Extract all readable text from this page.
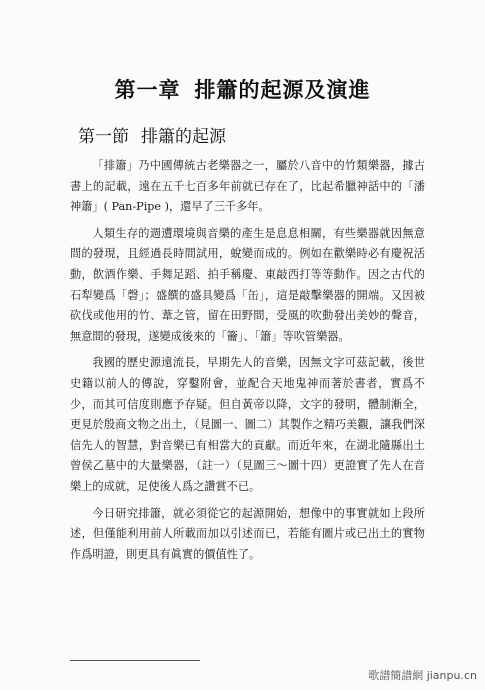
第一章 排簫的起源及演進
第一節 排簫的起源

「排簫」乃中國傳統古老樂器之一，屬於八音中的竹類樂器，據古書上的記載，遠在五千七百多年前就已存在了，比起希臘神話中的「潘神簫」( Pan-Pipe )，還早了三千多年。

人類生存的週遭環境與音樂的產生是息息相關，有些樂器就因無意間的發現，且經過長時間試用，蛻變而成的。例如在歡樂時必有慶祝活動，飲酒作樂、手舞足蹈、拍手稱慶、東敲西打等等動作。因之古代的石犁變爲「磬」；盛饌的盛具變爲「缶」，這是敲擊樂器的開端。又因被砍伐或他用的竹、葦之管，留在田野間，受風的吹動發出美妙的聲音，無意間的發現，遂變成後來的「籥」、「簫」等吹管樂器。

我國的歷史源遠流長，早期先人的音樂，因無文字可茲記載，後世史籍以前人的傳說，穿鑿附會，並配合天地鬼神而著於書者，實爲不少，而其可信度則應予存疑。但自黃帝以降，文字的發明，體制漸全，更見於殷商文物之出土，（見圖一、圖二）其製作之精巧美觀，讓我們深信先人的智慧，對音樂已有相當大的貢獻。而近年來，在湖北隨縣出土曾侯乙墓中的大量樂器，（註一）（見圖三～圖十四）更證實了先人在音樂上的成就，足使後人爲之讚賞不已。

今日研究排簫，就必須從它的起源開始，想像中的事實就如上段所述，但僅能利用前人所載而加以引述而已，若能有圖片或已出土的實物作爲明證，則更具有眞實的價值性了。

歌譜簡譜網 jianpu.cn
